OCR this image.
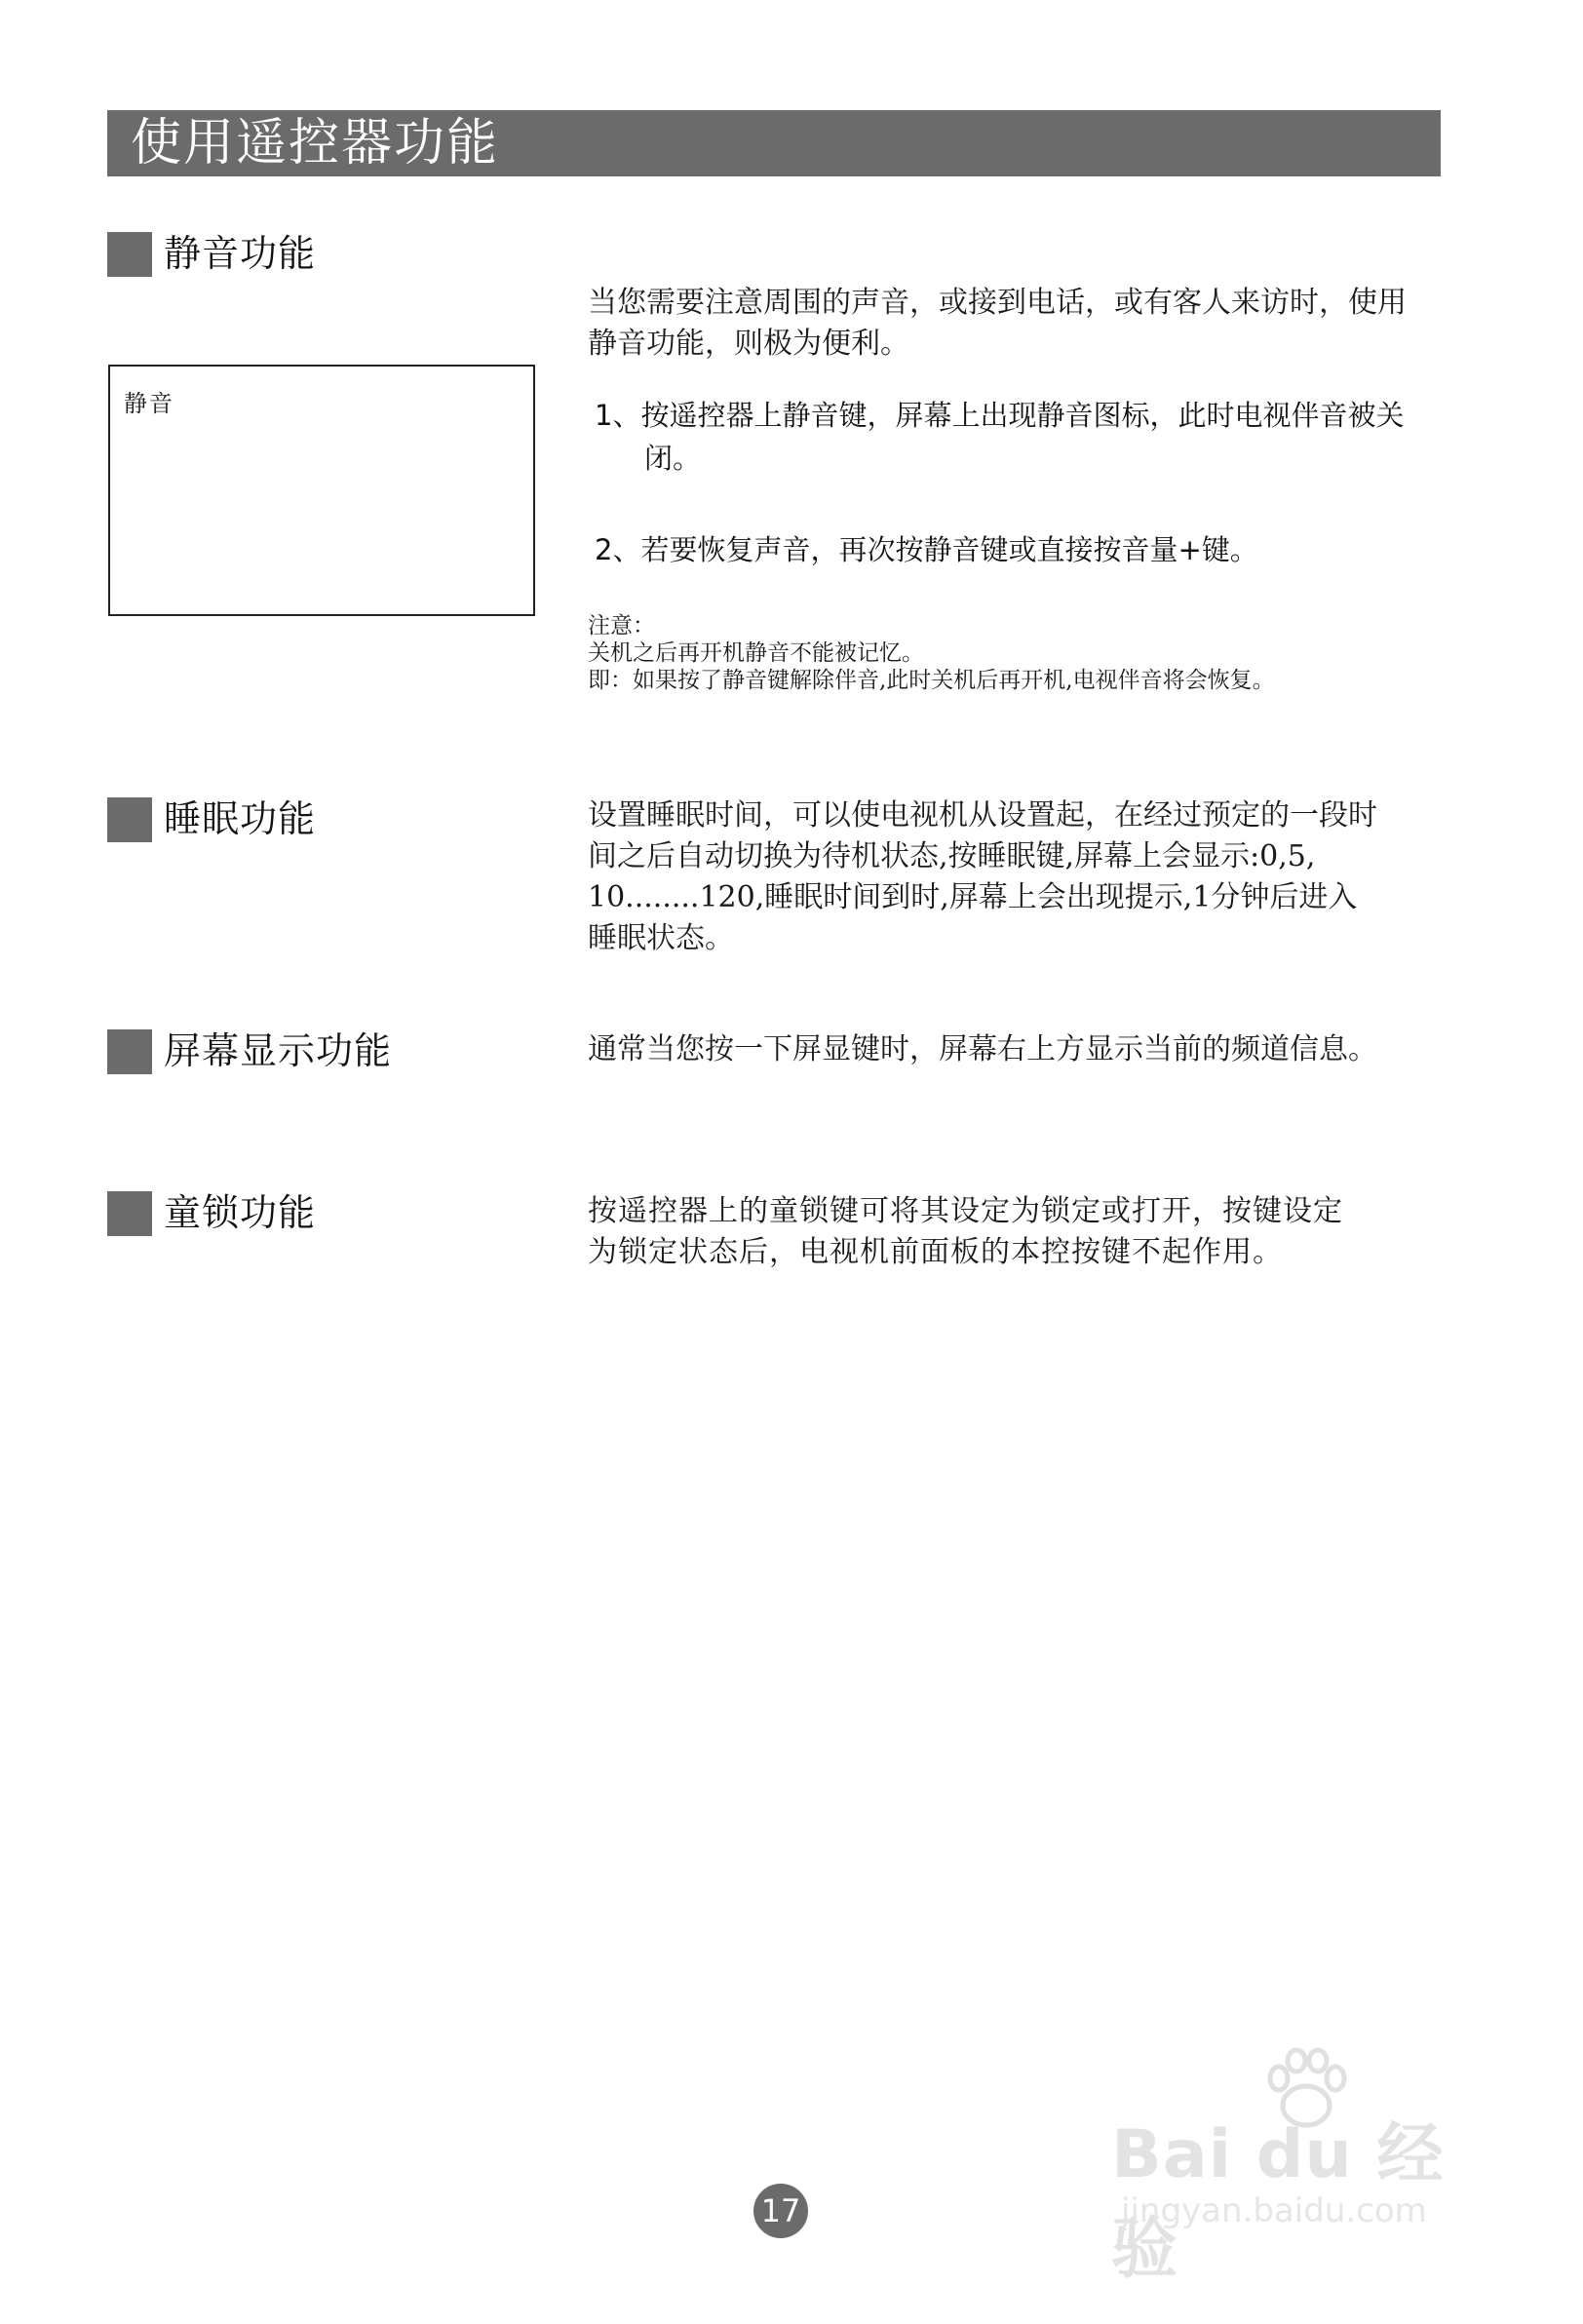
使用遥控器功能
静音功能
静音
当您需要注意周围的声音，或接到电话，或有客人来访时，使用
静音功能，则极为便利。
1、按遥控器上静音键，屏幕上出现静音图标，此时电视伴音被关闭。
2、若要恢复声音，再次按静音键或直接按音量+键。
注意：
关机之后再开机静音不能被记忆。
即：如果按了静音键解除伴音,此时关机后再开机,电视伴音将会恢复。
睡眠功能	设置睡眠时间，可以使电视机从设置起，在经过预定的一段时
间之后自动切换为待机状态,按睡眠键,屏幕上会显示:0,5,
10........120,睡眠时间到时,屏幕上会出现提示,1分钟后进入
睡眠状态。
屏幕显示功能	通常当您按一下屏显键时，屏幕右上方显示当前的频道信息。
童锁功能	按遥控器上的童锁键可将其设定为锁定或打开，按键设定
为锁定状态后，电视机前面板的本控按键不起作用。
17
Bai du 经验
jingyan.baidu.com
